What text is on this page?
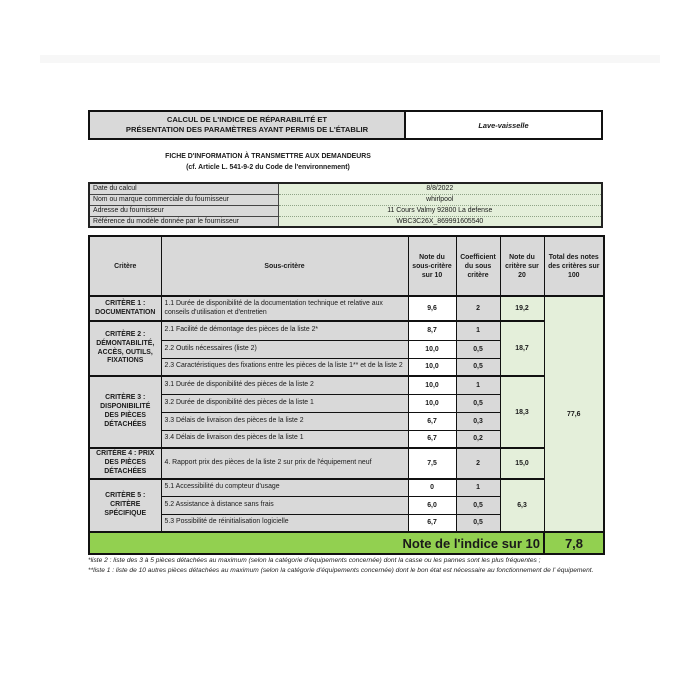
CALCUL DE L'INDICE DE RÉPARABILITÉ ET
PRÉSENTATION DES PARAMÈTRES AYANT PERMIS DE L'ÉTABLIR	Lave-vaisselle
FICHE D'INFORMATION À TRANSMETTRE AUX DEMANDEURS
(cf. Article L. 541-9-2 du Code de l'environnement)
Date du calcul	8/8/2022
Nom ou marque commerciale du fournisseur	whirlpool
Adresse du fournisseur	11 Cours Valmy 92800 La defense
Référence du modèle donnée par le fournisseur	WBC3C26X_869991605540
Critère	Sous-critère	Note du sous-critère sur 10	Coefficient du sous critère	Note du critère sur 20	Total des notes des critères sur 100
CRITÈRE 1 : DOCUMENTATION	1.1 Durée de disponibilité de la documentation technique et relative aux conseils d'utilisation et d'entretien	9,6	2	19,2	77,6
CRITÈRE 2 : DÉMONTABILITÉ, ACCÈS, OUTILS, FIXATIONS	2.1 Facilité de démontage des pièces de la liste 2*	8,7	1	18,7	
	2.2 Outils nécessaires (liste 2)	10,0	0,5		
	2.3 Caractéristiques des fixations entre les pièces de la liste 1** et de la liste 2	10,0	0,5		
CRITÈRE 3 : DISPONIBILITÉ DES PIÈCES DÉTACHÉES	3.1 Durée de disponibilité des pièces de la liste 2	10,0	1	18,3	
	3.2 Durée de disponibilité des pièces de la liste 1	10,0	0,5		
	3.3 Délais de livraison des pièces de la liste 2	6,7	0,3		
	3.4 Délais de livraison des pièces de la liste 1	6,7	0,2		
CRITÈRE 4 : PRIX DES PIÈCES DÉTACHÉES	4. Rapport prix des pièces de la liste 2 sur prix de l'équipement neuf	7,5	2	15,0	
CRITÈRE 5 : CRITÈRE SPÉCIFIQUE	5.1 Accessibilité du compteur d'usage	0	1	6,3	
	5.2 Assistance à distance sans frais	6,0	0,5		
	5.3 Possibilité de réinitialisation logicielle	6,7	0,5		
Note de l'indice sur 10					7,8
*liste 2 : liste des 3 à 5 pièces détachées au maximum (selon la catégorie d'équipements concernée) dont la casse ou les pannes sont les plus fréquentes ;
**liste 1 : liste de 10 autres pièces détachées au maximum (selon la catégorie d'équipements concernée) dont le bon état est nécessaire au fonctionnement de l' équipement.
